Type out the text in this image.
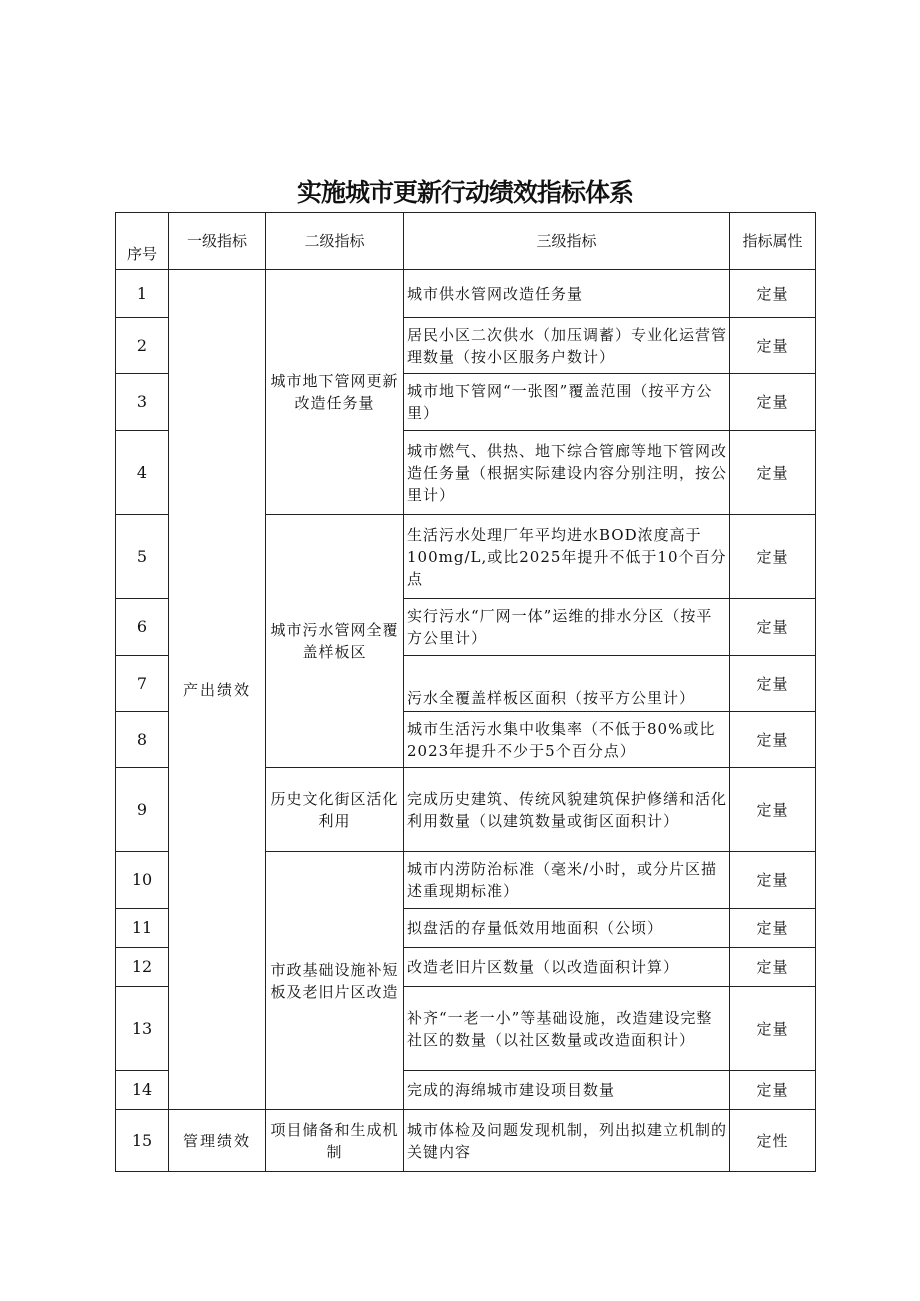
实施城市更新行动绩效指标体系
序号	一级指标	二级指标	三级指标	指标属性
1	产出绩效	城市地下管网更新改造任务量	城市供水管网改造任务量	定量
2			居民小区二次供水（加压调蓄）专业化运营管理数量（按小区服务户数计）	定量
3			城市地下管网“一张图”覆盖范围（按平方公里）	定量
4			城市燃气、供热、地下综合管廊等地下管网改造任务量（根据实际建设内容分别注明，按公里计）	定量
5		城市污水管网全覆盖样板区	生活污水处理厂年平均进水BOD浓度高于100mg/L,或比2025年提升不低于10个百分点	定量
6			实行污水“厂网一体”运维的排水分区（按平方公里计）	定量
7			污水全覆盖样板区面积（按平方公里计）	定量
8			城市生活污水集中收集率（不低于80%或比2023年提升不少于5个百分点）	定量
9		历史文化街区活化利用	完成历史建筑、传统风貌建筑保护修缮和活化利用数量（以建筑数量或街区面积计）	定量
10		市政基础设施补短板及老旧片区改造	城市内涝防治标准（毫米/小时，或分片区描述重现期标准）	定量
11			拟盘活的存量低效用地面积（公顷）	定量
12			改造老旧片区数量（以改造面积计算）	定量
13			补齐“一老一小”等基础设施，改造建设完整社区的数量（以社区数量或改造面积计）	定量
14			完成的海绵城市建设项目数量	定量
15	管理绩效	项目储备和生成机制	城市体检及问题发现机制，列出拟建立机制的关键内容	定性
